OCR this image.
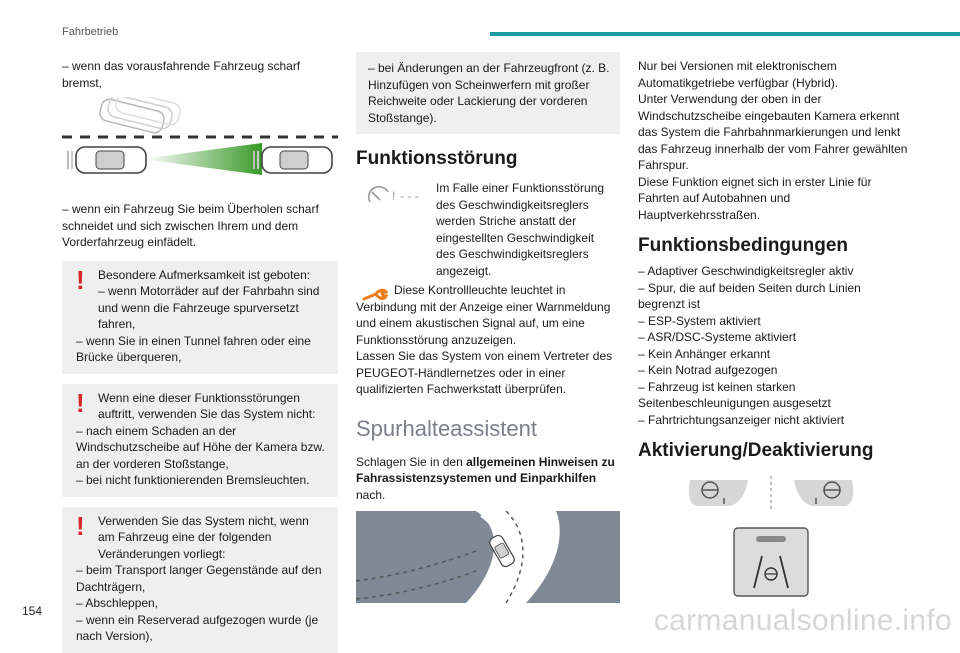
Fahrbetrieb

– wenn das vorausfahrende Fahrzeug scharf bremst,

– wenn ein Fahrzeug Sie beim Überholen scharf schneidet und sich zwischen Ihrem und dem Vorderfahrzeug einfädelt.

!	Besondere Aufmerksamkeit ist geboten:

– wenn Motorräder auf der Fahrbahn sind und wenn die Fahrzeuge spurversetzt fahren,

– wenn Sie in einen Tunnel fahren oder eine Brücke überqueren,

!	Wenn eine dieser Funktionsstörungen auftritt, verwenden Sie das System nicht:

– nach einem Schaden an der Windschutzscheibe auf Höhe der Kamera bzw. an der vorderen Stoßstange,

– bei nicht funktionierenden Bremsleuchten.

!	Verwenden Sie das System nicht, wenn am Fahrzeug eine der folgenden Veränderungen vorliegt:

– beim Transport langer Gegenstände auf den Dachträgern,

– Abschleppen,

– wenn ein Reserverad aufgezogen wurde (je nach Version),

– bei Änderungen an der Fahrzeugfront (z. B. Hinzufügen von Scheinwerfern mit großer Reichweite oder Lackierung der vorderen Stoßstange).

Funktionsstörung
! - - -

Im Falle einer Funktionsstörung des Geschwindigkeitsreglers werden Striche anstatt der eingestellten Geschwindigkeit des Geschwindigkeitsreglers angezeigt.

Diese Kontrollleuchte leuchtet in Verbindung mit der Anzeige einer Warnmeldung und einem akustischen Signal auf, um eine Funktionsstörung anzuzeigen.

Lassen Sie das System von einem Vertreter des PEUGEOT-Händlernetzes oder in einer qualifizierten Fachwerkstatt überprüfen.

Spurhalteassistent

Schlagen Sie in den allgemeinen Hinweisen zu Fahrassistenzsystemen und Einparkhilfen nach.

Nur bei Versionen mit elektronischem Automatikgetriebe verfügbar (Hybrid).

Unter Verwendung der oben in der Windschutzscheibe eingebauten Kamera erkennt das System die Fahrbahnmarkierungen und lenkt das Fahrzeug innerhalb der vom Fahrer gewählten Fahrspur.

Diese Funktion eignet sich in erster Linie für Fahrten auf Autobahnen und Hauptverkehrsstraßen.

Funktionsbedingungen
– Adaptiver Geschwindigkeitsregler aktiv
– Spur, die auf beiden Seiten durch Linien begrenzt ist
– ESP-System aktiviert
– ASR/DSC-Systeme aktiviert
– Kein Anhänger erkannt
– Kein Notrad aufgezogen
– Fahrzeug ist keinen starken Seitenbeschleunigungen ausgesetzt
– Fahrtrichtungsanzeiger nicht aktiviert
Aktivierung/Deaktivierung
154	carmanualsonline.info
